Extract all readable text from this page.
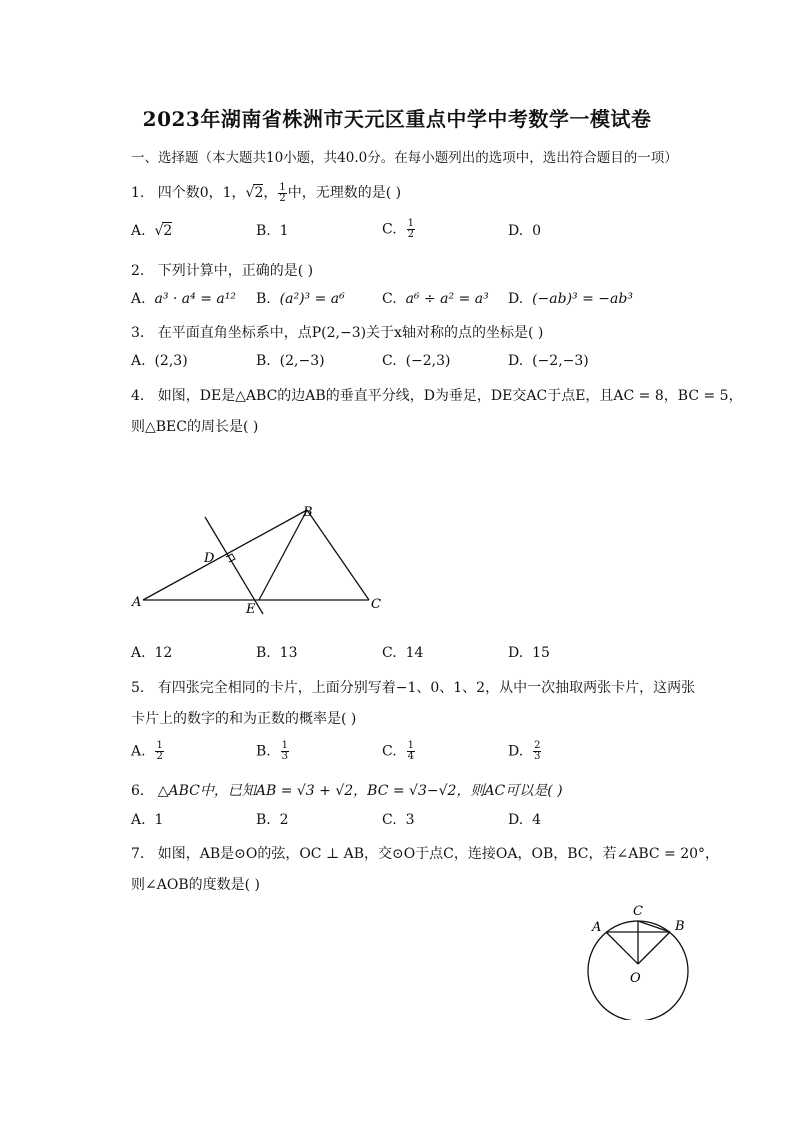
2023年湖南省株洲市天元区重点中学中考数学一模试卷
一、选择题（本大题共10小题，共40.0分。在每小题列出的选项中，选出符合题目的一项）
1. 四个数0，1，√2， $\frac{1}{2}$ 中，无理数的是( )
A. √2	B. 1	C. $\frac{1}{2}$	D. 0
2. 下列计算中，正确的是( )
A. a³ · a⁴ = a¹² B. (a²)³ = a⁶	C. a⁶ ÷ a² = a³ D. (−ab)³ = −ab³
3. 在平面直角坐标系中，点P(2,−3)关于x轴对称的点的坐标是( )
A. (2,3)	B. (2,−3)	C. (−2,3)	D. (−2,−3)
4. 如图，DE是△ABC的边AB的垂直平分线，D为垂足，DE交AC于点E，且AC = 8，BC = 5，
则△BEC的周长是( )
A
B
C
D
E
A. 12	B. 13	C. 14	D. 15
5. 有四张完全相同的卡片，上面分别写着−1、0、1、2，从中一次抽取两张卡片，这两张
卡片上的数字的和为正数的概率是( )
A. $\frac{1}{2}$	B. $\frac{1}{3}$	C. $\frac{1}{4}$	D. $\frac{2}{3}$
6. △ABC中，已知AB = √3 + √2，BC = √3−√2，则AC可以是( )
A. 1	B. 2	C. 3	D. 4
7. 如图，AB是⊙O的弦，OC ⊥ AB，交⊙O于点C，连接OA，OB，BC，若∠ABC = 20°，
则∠AOB的度数是( )
A	B
C
O
